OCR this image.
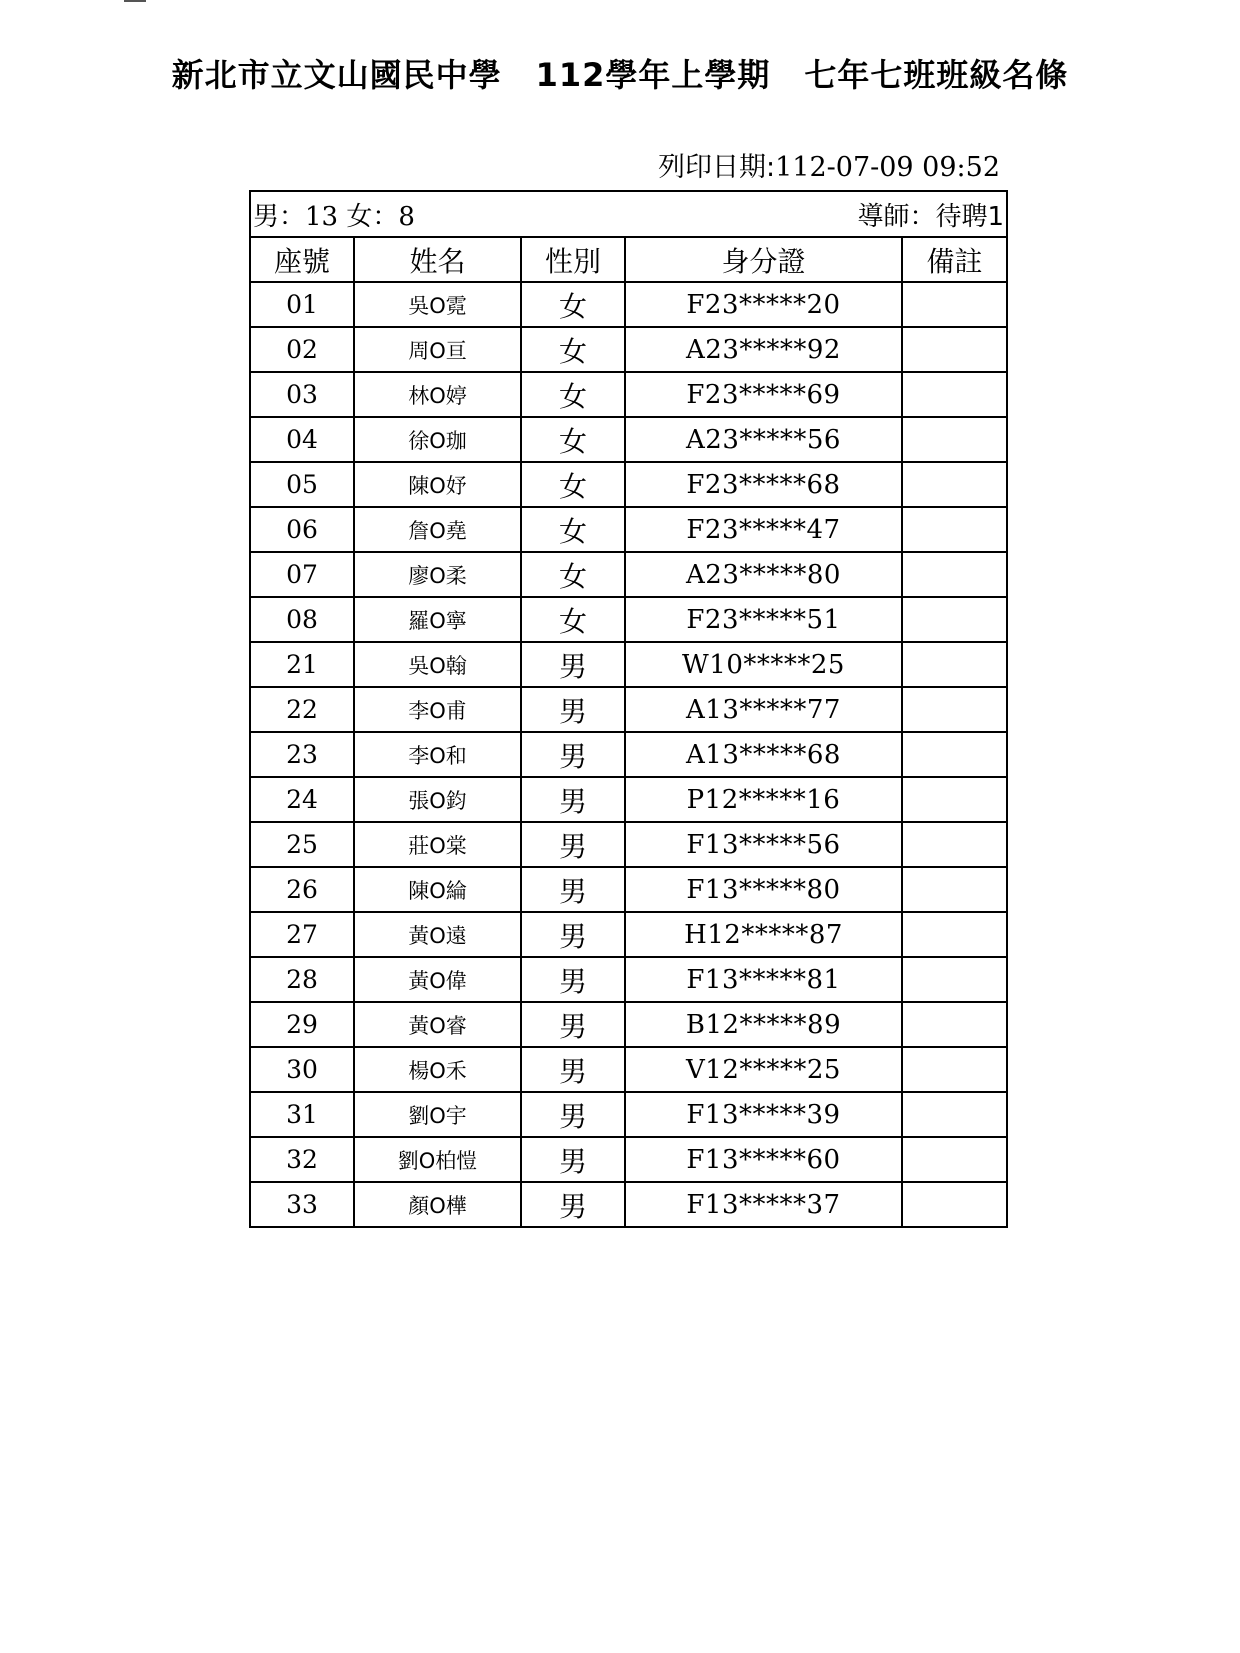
新北市立文山國民中學 112學年上學期 七年七班班級名條
列印日期:112-07-09 09:52
男：13 女：8 導師：待聘1				

座號	姓名	性別	身分證	備註
01	吳O霓	女	F23*****20	
02	周O亘	女	A23*****92	
03	林O婷	女	F23*****69	
04	徐O珈	女	A23*****56	
05	陳O妤	女	F23*****68	
06	詹O堯	女	F23*****47	
07	廖O柔	女	A23*****80	
08	羅O寧	女	F23*****51	
21	吳O翰	男	W10*****25	
22	李O甫	男	A13*****77	
23	李O和	男	A13*****68	
24	張O鈞	男	P12*****16	
25	莊O棠	男	F13*****56	
26	陳O綸	男	F13*****80	
27	黃O遠	男	H12*****87	
28	黃O偉	男	F13*****81	
29	黃O睿	男	B12*****89	
30	楊O禾	男	V12*****25	
31	劉O宇	男	F13*****39	
32	劉O柏愷	男	F13*****60	
33	顏O樺	男	F13*****37	
